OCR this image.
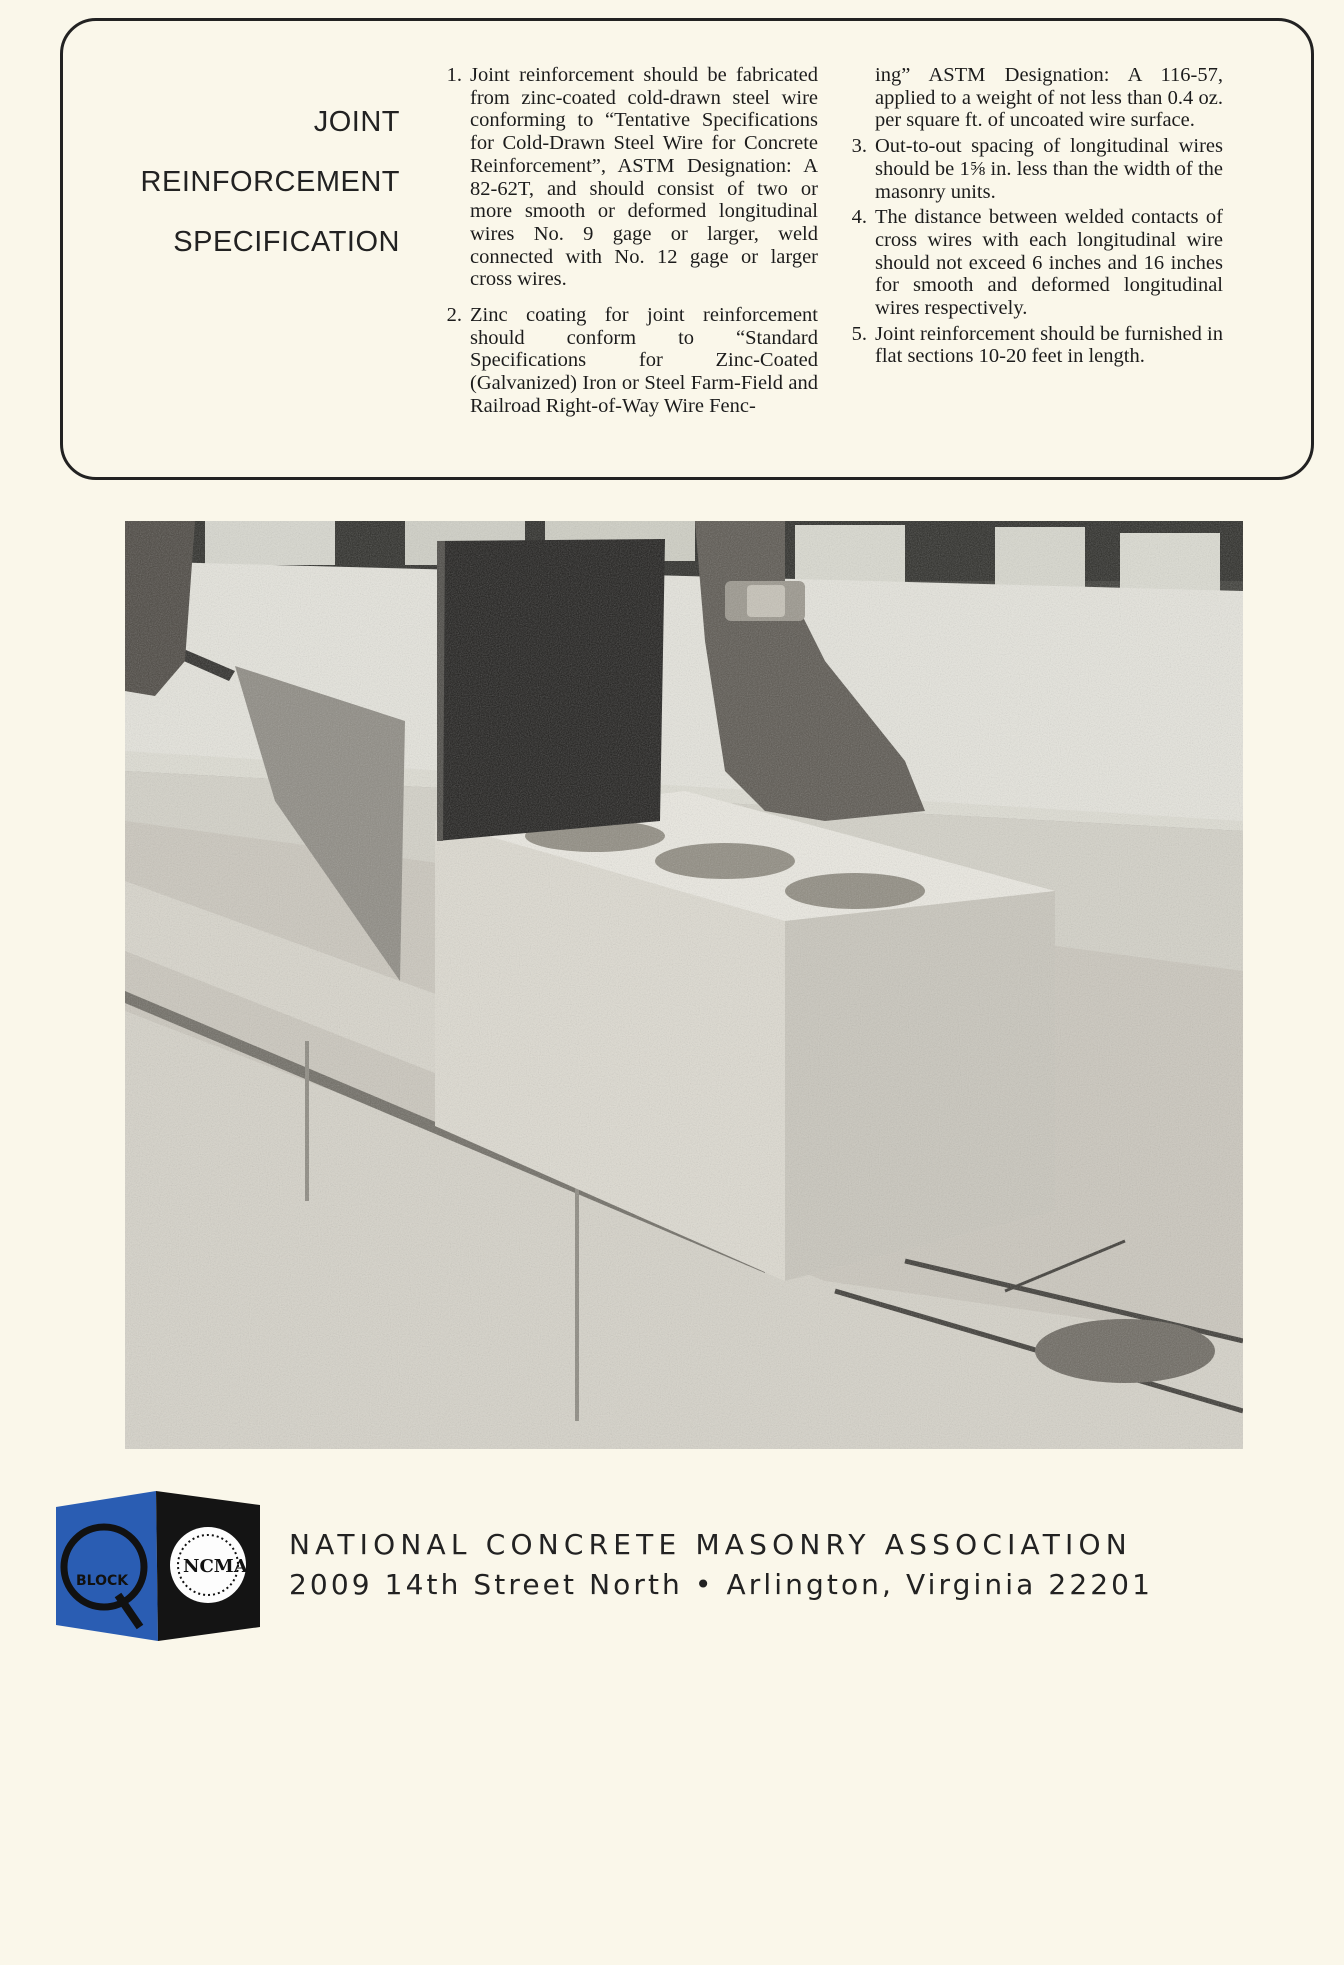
JOINT
REINFORCEMENT
SPECIFICATION
1. Joint reinforcement should be fabricated from zinc-coated cold-drawn steel wire conforming to “Tentative Specifications for Cold-Drawn Steel Wire for Concrete Reinforcement”, ASTM Designation: A 82-62T, and should consist of two or more smooth or deformed longitudinal wires No. 9 gage or larger, weld connected with No. 12 gage or larger cross wires.
2. Zinc coating for joint reinforcement should conform to “Standard Specifications for Zinc-Coated (Galvanized) Iron or Steel Farm-Field and Railroad Right-of-Way Wire Fenc-
ing” ASTM Designation: A 116-57, applied to a weight of not less than 0.4 oz. per square ft. of uncoated wire surface.
3. Out-to-out spacing of longitudinal wires should be 1⅝ in. less than the width of the masonry units.
4. The distance between welded contacts of cross wires with each longitudinal wire should not exceed 6 inches and 16 inches for smooth and deformed longitudinal wires respectively.
5. Joint reinforcement should be furnished in flat sections 10-20 feet in length.
BLOCK
NCMA
NATIONAL CONCRETE MASONRY ASSOCIATION
2009 14th Street North • Arlington, Virginia 22201
